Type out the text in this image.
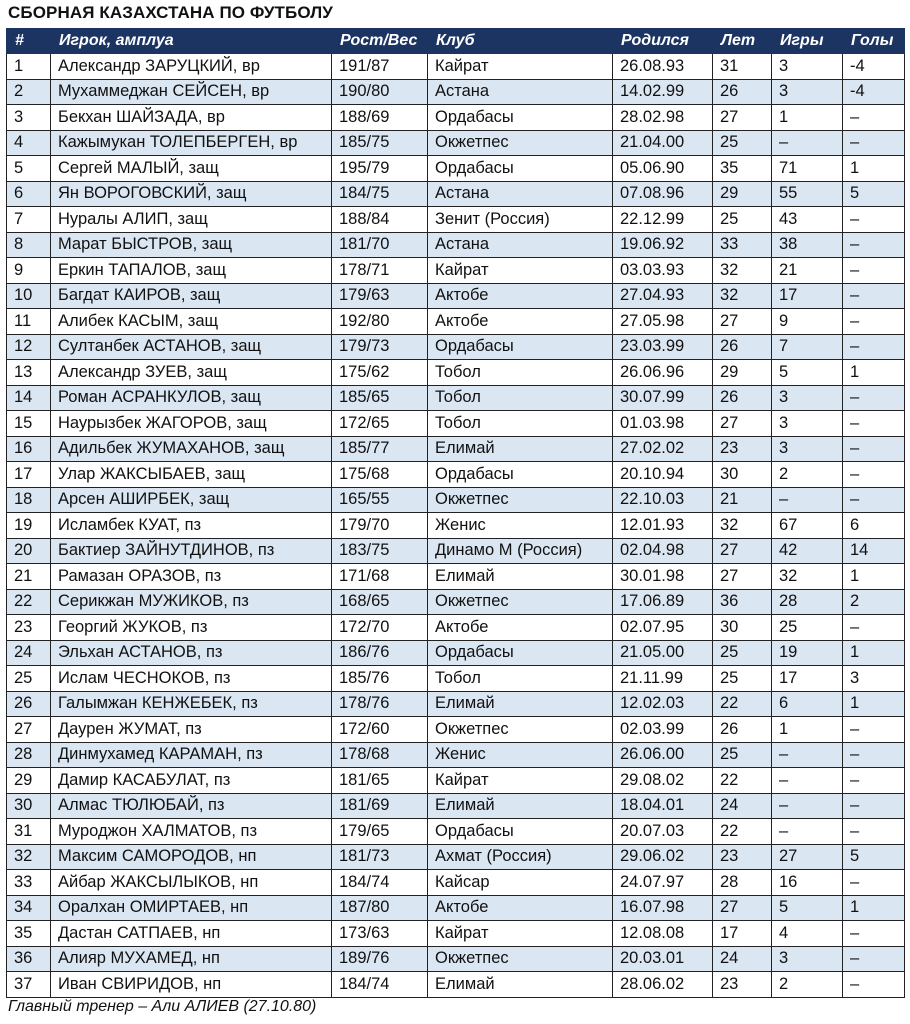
СБОРНАЯ КАЗАХСТАНА ПО ФУТБОЛУ
#	Игрок, амплуа	Рост/Вес	Клуб	Родился	Лет	Игры	Голы
1	Александр ЗАРУЦКИЙ, вр	191/87	Кайрат	26.08.93	31	3	-4
2	Мухаммеджан СЕЙСЕН, вр	190/80	Астана	14.02.99	26	3	-4
3	Бекхан ШАЙЗАДА, вр	188/69	Ордабасы	28.02.98	27	1	–
4	Кажымукан ТОЛЕПБЕРГЕН, вр	185/75	Окжетпес	21.04.00	25	–	–
5	Сергей МАЛЫЙ, защ	195/79	Ордабасы	05.06.90	35	71	1
6	Ян ВОРОГОВСКИЙ, защ	184/75	Астана	07.08.96	29	55	5
7	Нуралы АЛИП, защ	188/84	Зенит (Россия)	22.12.99	25	43	–
8	Марат БЫСТРОВ, защ	181/70	Астана	19.06.92	33	38	–
9	Еркин ТАПАЛОВ, защ	178/71	Кайрат	03.03.93	32	21	–
10	Багдат КАИРОВ, защ	179/63	Актобе	27.04.93	32	17	–
11	Алибек КАСЫМ, защ	192/80	Актобе	27.05.98	27	9	–
12	Султанбек АСТАНОВ, защ	179/73	Ордабасы	23.03.99	26	7	–
13	Александр ЗУЕВ, защ	175/62	Тобол	26.06.96	29	5	1
14	Роман АСРАНКУЛОВ, защ	185/65	Тобол	30.07.99	26	3	–
15	Наурызбек ЖАГОРОВ, защ	172/65	Тобол	01.03.98	27	3	–
16	Адильбек ЖУМАХАНОВ, защ	185/77	Елимай	27.02.02	23	3	–
17	Улар ЖАКСЫБАЕВ, защ	175/68	Ордабасы	20.10.94	30	2	–
18	Арсен АШИРБЕК, защ	165/55	Окжетпес	22.10.03	21	–	–
19	Исламбек КУАТ, пз	179/70	Женис	12.01.93	32	67	6
20	Бактиер ЗАЙНУТДИНОВ, пз	183/75	Динамо М (Россия)	02.04.98	27	42	14
21	Рамазан ОРАЗОВ, пз	171/68	Елимай	30.01.98	27	32	1
22	Серикжан МУЖИКОВ, пз	168/65	Окжетпес	17.06.89	36	28	2
23	Георгий ЖУКОВ, пз	172/70	Актобе	02.07.95	30	25	–
24	Эльхан АСТАНОВ, пз	186/76	Ордабасы	21.05.00	25	19	1
25	Ислам ЧЕСНОКОВ, пз	185/76	Тобол	21.11.99	25	17	3
26	Галымжан КЕНЖЕБЕК, пз	178/76	Елимай	12.02.03	22	6	1
27	Даурен ЖУМАТ, пз	172/60	Окжетпес	02.03.99	26	1	–
28	Динмухамед КАРАМАН, пз	178/68	Женис	26.06.00	25	–	–
29	Дамир КАСАБУЛАТ, пз	181/65	Кайрат	29.08.02	22	–	–
30	Алмас ТЮЛЮБАЙ, пз	181/69	Елимай	18.04.01	24	–	–
31	Муроджон ХАЛМАТОВ, пз	179/65	Ордабасы	20.07.03	22	–	–
32	Максим САМОРОДОВ, нп	181/73	Ахмат (Россия)	29.06.02	23	27	5
33	Айбар ЖАКСЫЛЫКОВ, нп	184/74	Кайсар	24.07.97	28	16	–
34	Оралхан ОМИРТАЕВ, нп	187/80	Актобе	16.07.98	27	5	1
35	Дастан САТПАЕВ, нп	173/63	Кайрат	12.08.08	17	4	–
36	Алияр МУХАМЕД, нп	189/76	Окжетпес	20.03.01	24	3	–
37	Иван СВИРИДОВ, нп	184/74	Елимай	28.06.02	23	2	–
Главный тренер – Али АЛИЕВ (27.10.80)
